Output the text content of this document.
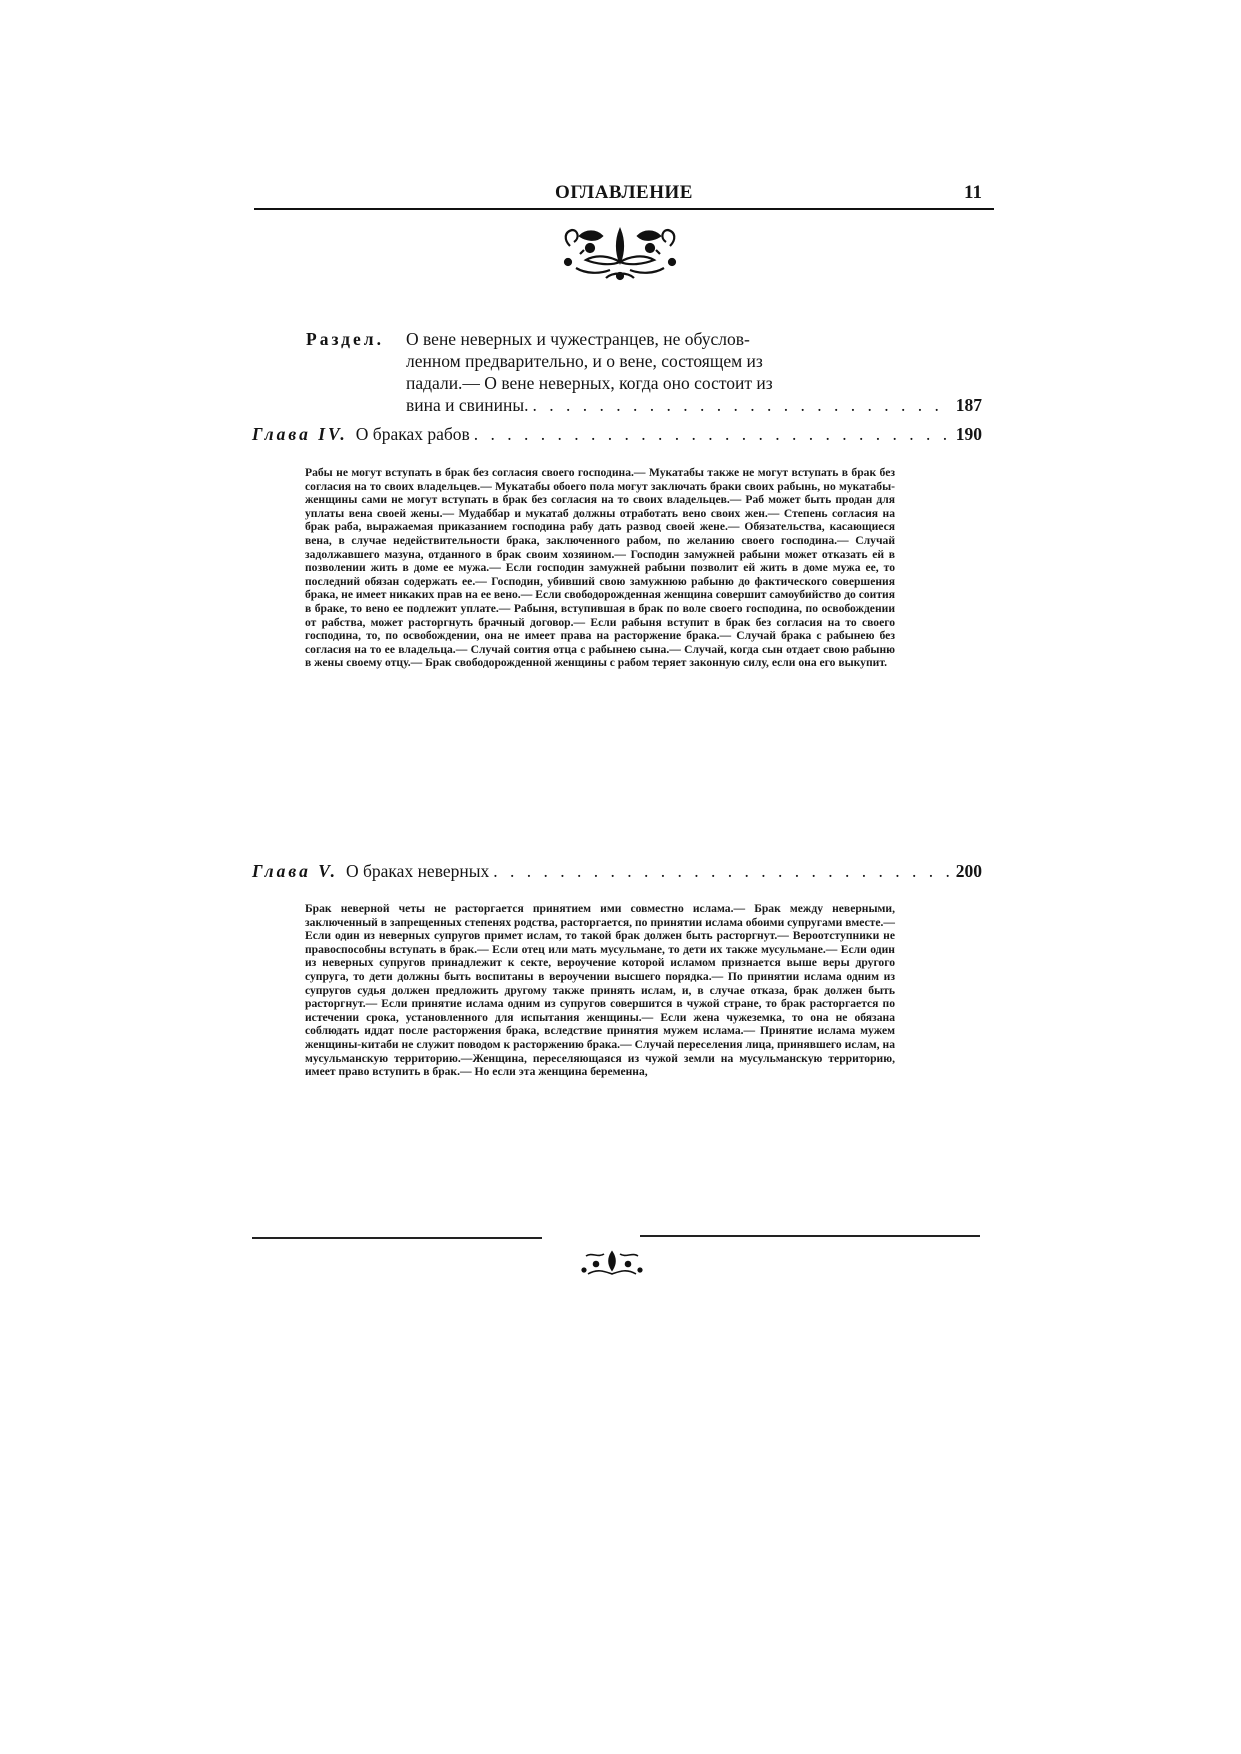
ОГЛАВЛЕНИЕ	11
Раздел. О вене неверных и чужестранцев, не обуслов-
ленном предварительно, и о вене, состоящем из
падали.— О вене неверных, когда оно состоит из
вина и свинины. . . .	187
Глава IV. О браках рабов . . .	190
Рабы не могут вступать в брак без согласия своего господина.— Мукатабы также не могут вступать в брак без согласия на то своих владельцев.— Мукатабы обоего пола могут заключать браки своих рабынь, но мукатабы-женщины сами не могут вступать в брак без согласия на то своих владельцев.— Раб может быть продан для уплаты вена своей жены.— Мудаббар и мукатаб должны отработать вено своих жен.— Степень согласия на брак раба, выражаемая приказанием господина рабу дать развод своей жене.— Обязательства, касающиеся вена, в случае недействительности брака, заключенного рабом, по желанию своего господина.— Случай задолжавшего мазуна, отданного в брак своим хозяином.— Господин замужней рабыни может отказать ей в позволении жить в доме ее мужа.— Если господин замужней рабыни позволит ей жить в доме мужа ее, то последний обязан содержать ее.— Господин, убивший свою замужнюю рабыню до фактического совершения брака, не имеет никаких прав на ее вено.— Если свободорожденная женщина совершит самоубийство до соития в браке, то вено ее подлежит уплате.— Рабыня, вступившая в брак по воле своего господина, по освобождении от рабства, может расторгнуть брачный договор.— Если рабыня вступит в брак без согласия на то своего господина, то, по освобождении, она не имеет права на расторжение брака.— Случай брака с рабынею без согласия на то ее владельца.— Случай соития отца с рабынею сына.— Случай, когда сын отдает свою рабыню в жены своему отцу.— Брак свободорожденной женщины с рабом теряет законную силу, если она его выкупит.
Глава V. О браках неверных . . .	200
Брак неверной четы не расторгается принятием ими совместно ислама.— Брак между неверными, заключенный в запрещенных степенях родства, расторгается, по принятии ислама обоими супругами вместе.— Если один из неверных супругов примет ислам, то такой брак должен быть расторгнут.— Вероотступники не правоспособны вступать в брак.— Если отец или мать мусульмане, то дети их также мусульмане.— Если один из неверных супругов принадлежит к секте, вероучение которой исламом признается выше веры другого супруга, то дети должны быть воспитаны в вероучении высшего порядка.— По принятии ислама одним из супругов судья должен предложить другому также принять ислам, и, в случае отказа, брак должен быть расторгнут.— Если принятие ислама одним из супругов совершится в чужой стране, то брак расторгается по истечении срока, установленного для испытания женщины.— Если жена чужеземка, то она не обязана соблюдать иддат после расторжения брака, вследствие принятия мужем ислама.— Принятие ислама мужем женщины-китаби не служит поводом к расторжению брака.— Случай переселения лица, принявшего ислам, на мусульманскую территорию.—Женщина, переселяющаяся из чужой земли на мусульманскую территорию, имеет право вступить в брак.— Но если эта женщина беременна,
